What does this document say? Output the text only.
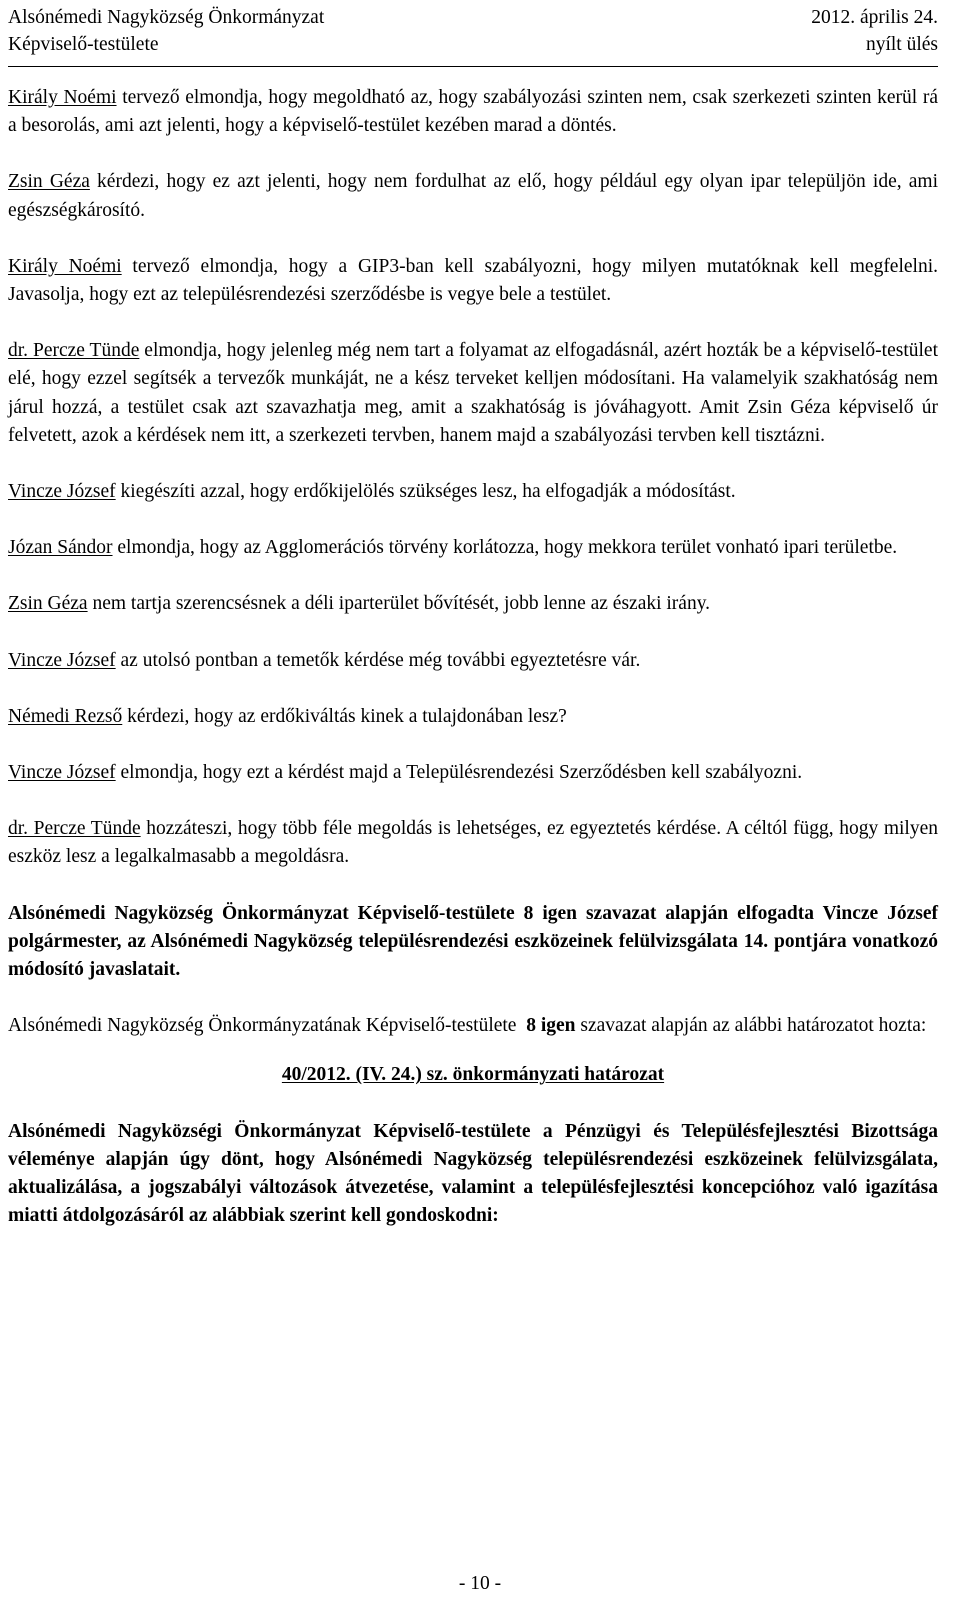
Alsónémedi Nagyközség Önkormányzat	2012. április 24.
Képviselő-testülete	nyílt ülés

Király Noémi tervező elmondja, hogy megoldható az, hogy szabályozási szinten nem, csak szerkezeti szinten kerül rá a besorolás, ami azt jelenti, hogy a képviselő-testület kezében marad a döntés.

Zsin Géza kérdezi, hogy ez azt jelenti, hogy nem fordulhat az elő, hogy például egy olyan ipar települjön ide, ami egészségkárosító.

Király Noémi tervező elmondja, hogy a GIP3-ban kell szabályozni, hogy milyen mutatóknak kell megfelelni. Javasolja, hogy ezt az településrendezési szerződésbe is vegye bele a testület.

dr. Percze Tünde elmondja, hogy jelenleg még nem tart a folyamat az elfogadásnál, azért hozták be a képviselő-testület elé, hogy ezzel segítsék a tervezők munkáját, ne a kész terveket kelljen módosítani. Ha valamelyik szakhatóság nem járul hozzá, a testület csak azt szavazhatja meg, amit a szakhatóság is jóváhagyott. Amit Zsin Géza képviselő úr felvetett, azok a kérdések nem itt, a szerkezeti tervben, hanem majd a szabályozási tervben kell tisztázni.

Vincze József kiegészíti azzal, hogy erdőkijelölés szükséges lesz, ha elfogadják a módosítást.

Józan Sándor elmondja, hogy az Agglomerációs törvény korlátozza, hogy mekkora terület vonható ipari területbe.

Zsin Géza nem tartja szerencsésnek a déli iparterület bővítését, jobb lenne az északi irány.

Vincze József az utolsó pontban a temetők kérdése még további egyeztetésre vár.

Némedi Rezső kérdezi, hogy az erdőkiváltás kinek a tulajdonában lesz?

Vincze József elmondja, hogy ezt a kérdést majd a Településrendezési Szerződésben kell szabályozni.

dr. Percze Tünde hozzáteszi, hogy több féle megoldás is lehetséges, ez egyeztetés kérdése. A céltól függ, hogy milyen eszköz lesz a legalkalmasabb a megoldásra.

Alsónémedi Nagyközség Önkormányzat Képviselő-testülete 8 igen szavazat alapján elfogadta Vincze József polgármester, az Alsónémedi Nagyközség településrendezési eszközeinek felülvizsgálata 14. pontjára vonatkozó módosító javaslatait.

Alsónémedi Nagyközség Önkormányzatának Képviselő-testülete  8 igen szavazat alapján az alábbi határozatot hozta:

40/2012. (IV. 24.) sz. önkormányzati határozat

Alsónémedi Nagyközségi Önkormányzat Képviselő-testülete a Pénzügyi és Településfejlesztési Bizottsága véleménye alapján úgy dönt, hogy Alsónémedi Nagyközség településrendezési eszközeinek felülvizsgálata, aktualizálása, a jogszabályi változások átvezetése, valamint a településfejlesztési koncepcióhoz való igazítása miatti átdolgozásáról az alábbiak szerint kell gondoskodni:

- 10 -
